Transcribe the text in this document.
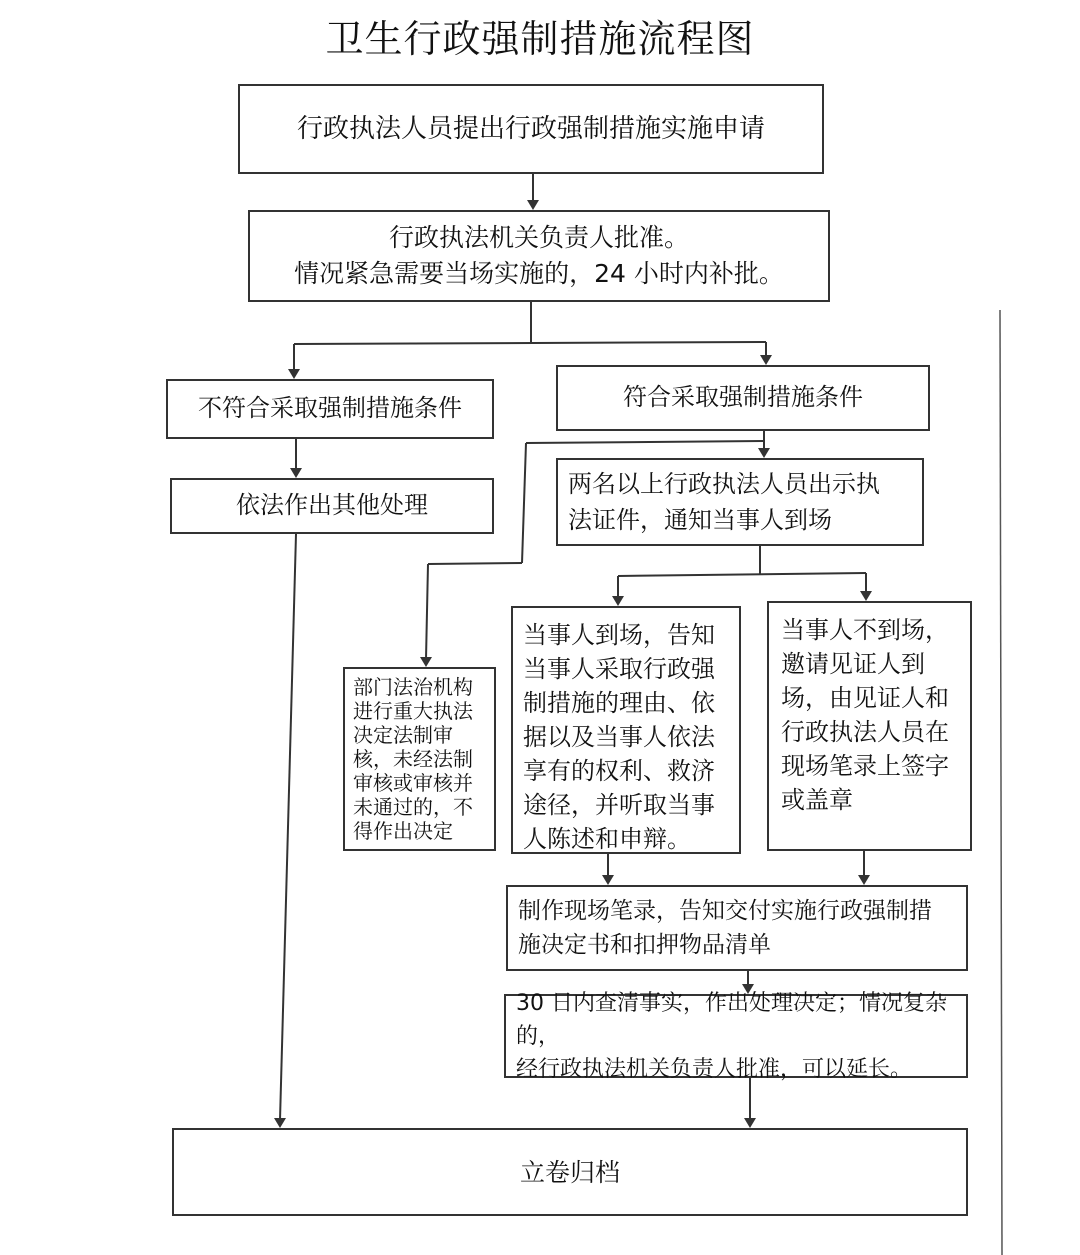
卫生行政强制措施流程图
行政执法人员提出行政强制措施实施申请
行政执法机关负责人批准。
情况紧急需要当场实施的，24 小时内补批。
不符合采取强制措施条件	符合采取强制措施条件
依法作出其他处理
两名以上行政执法人员出示执
法证件，通知当事人到场
部门法治机构进行重大执法决定法制审核，未经法制审核或审核并未通过的，不得作出决定
当事人到场，告知当事人采取行政强制措施的理由、依据以及当事人依法享有的权利、救济途径，并听取当事人陈述和申辩。
当事人不到场，邀请见证人到场，由见证人和行政执法人员在现场笔录上签字或盖章
制作现场笔录，告知交付实施行政强制措
施决定书和扣押物品清单
30 日内查清事实，作出处理决定；情况复杂的，
经行政执法机关负责人批准，可以延长。
立卷归档
